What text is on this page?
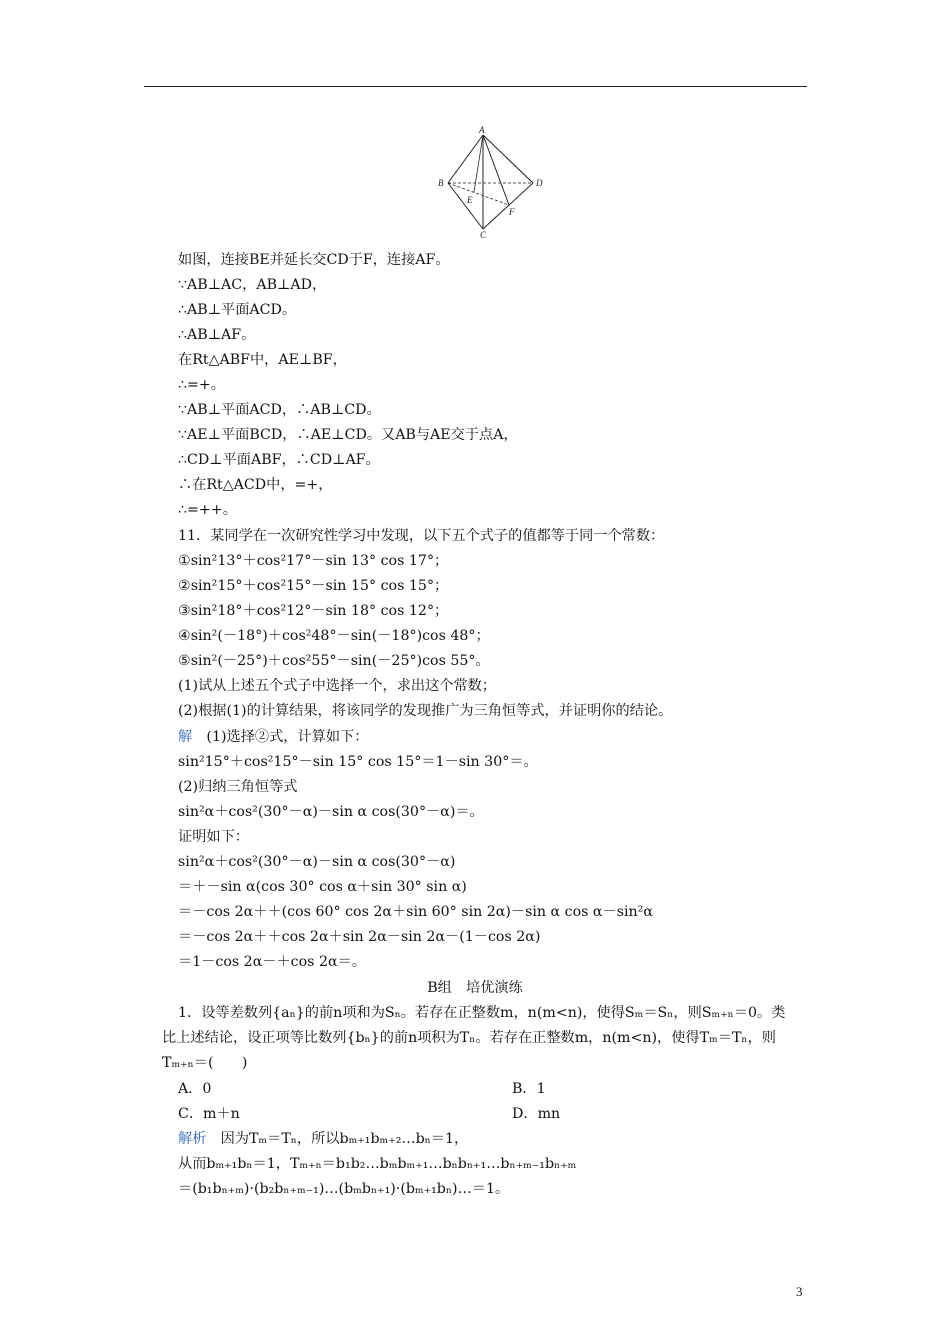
A
B
C
D
E
F
如图，连接BE并延长交CD于F，连接AF。
∵AB⊥AC，AB⊥AD，
∴AB⊥平面ACD。
∴AB⊥AF。
在Rt△ABF中，AE⊥BF，
∴=+。
∵AB⊥平面ACD，∴AB⊥CD。
∵AE⊥平面BCD，∴AE⊥CD。又AB与AE交于点A，
∴CD⊥平面ABF，∴CD⊥AF。
∴在Rt△ACD中，=+，
∴=++。
11．某同学在一次研究性学习中发现，以下五个式子的值都等于同一个常数：
①sin²13°＋cos²17°－sin 13° cos 17°；
②sin²15°＋cos²15°－sin 15° cos 15°；
③sin²18°＋cos²12°－sin 18° cos 12°；
④sin²(－18°)＋cos²48°－sin(－18°)cos 48°；
⑤sin²(－25°)＋cos²55°－sin(－25°)cos 55°。
(1)试从上述五个式子中选择一个，求出这个常数；
(2)根据(1)的计算结果，将该同学的发现推广为三角恒等式，并证明你的结论。
解　 (1)选择②式，计算如下：
sin²15°＋cos²15°－sin 15° cos 15°＝1－sin 30°＝。
(2)归纳三角恒等式
sin²α＋cos²(30°－α)－sin α cos(30°－α)＝。
证明如下：
sin²α＋cos²(30°－α)－sin α cos(30°－α)
＝＋－sin α(cos 30° cos α＋sin 30° sin α)
＝－cos 2α＋＋(cos 60° cos 2α＋sin 60° sin 2α)－sin α cos α－sin²α
＝－cos 2α＋＋cos 2α＋sin 2α－sin 2α－(1－cos 2α)
＝1－cos 2α－＋cos 2α＝。
B组　培优演练
1．设等差数列{aₙ}的前n项和为Sₙ。若存在正整数m，n(m<n)，使得Sₘ＝Sₙ，则Sₘ₊ₙ＝0。类
比上述结论，设正项等比数列{bₙ}的前n项积为Tₙ。若存在正整数m，n(m<n)，使得Tₘ＝Tₙ，则
Tₘ₊ₙ＝(　　)
A．0	B．1
C．m＋n	D．mn
解析　 因为Tₘ＝Tₙ，所以bₘ₊₁bₘ₊₂…bₙ＝1，
从而bₘ₊₁bₙ＝1，Tₘ₊ₙ＝b₁b₂…bₘbₘ₊₁…bₙbₙ₊₁…bₙ₊ₘ₋₁bₙ₊ₘ
＝(b₁bₙ₊ₘ)·(b₂bₙ₊ₘ₋₁)…(bₘbₙ₊₁)·(bₘ₊₁bₙ)…＝1。
3
